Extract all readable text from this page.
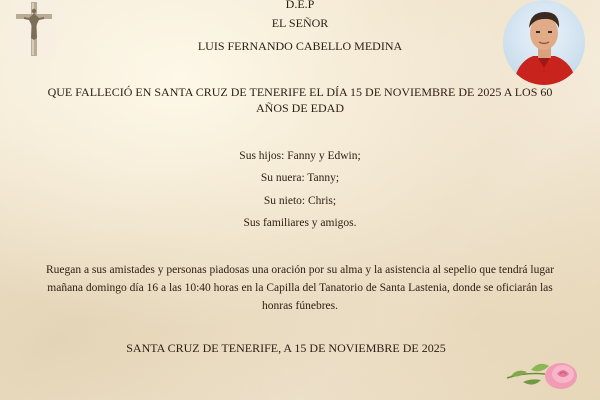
D.E.P
EL SEÑOR
LUIS FERNANDO CABELLO MEDINA
QUE FALLECIÓ EN SANTA CRUZ DE TENERIFE EL DÍA 15 DE NOVIEMBRE DE 2025 A LOS 60
AÑOS DE EDAD
Sus hijos: Fanny y Edwin;
Su nuera: Tanny;
Su nieto: Chris;
Sus familiares y amigos.
Ruegan a sus amistades y personas piadosas una oración por su alma y la asistencia al sepelio que tendrá lugar
mañana domingo día 16 a las 10:40 horas en la Capilla del Tanatorio de Santa Lastenia, donde se oficiarán las
honras fúnebres.
SANTA CRUZ DE TENERIFE, A 15 DE NOVIEMBRE DE 2025
